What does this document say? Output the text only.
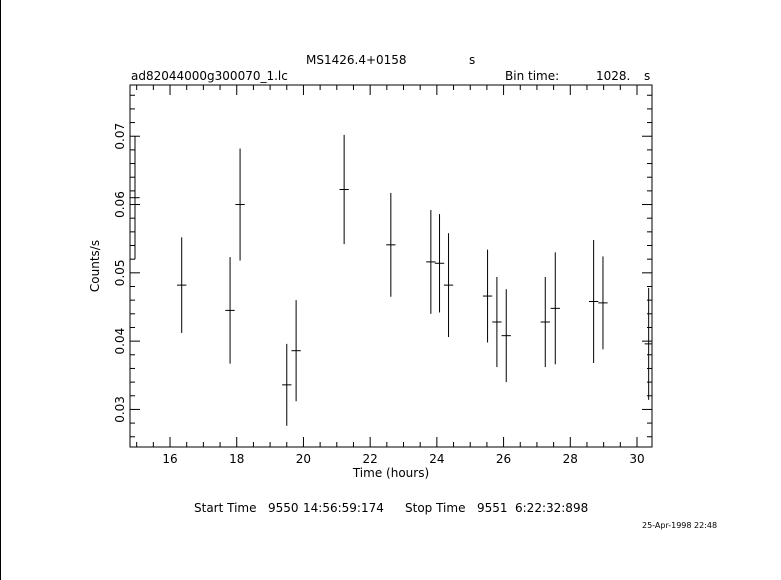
MS1426.4+0158	s
ad82044000g300070_1.lc	Bin time:	1028. s
16	18	20	22	24	26	28	30
0.03
0.04
0.05
0.06
0.07
Time (hours)
Counts/s
Start Time 9550 14:56:59:174 Stop Time 9551 6:22:32:898
25-Apr-1998 22:48
